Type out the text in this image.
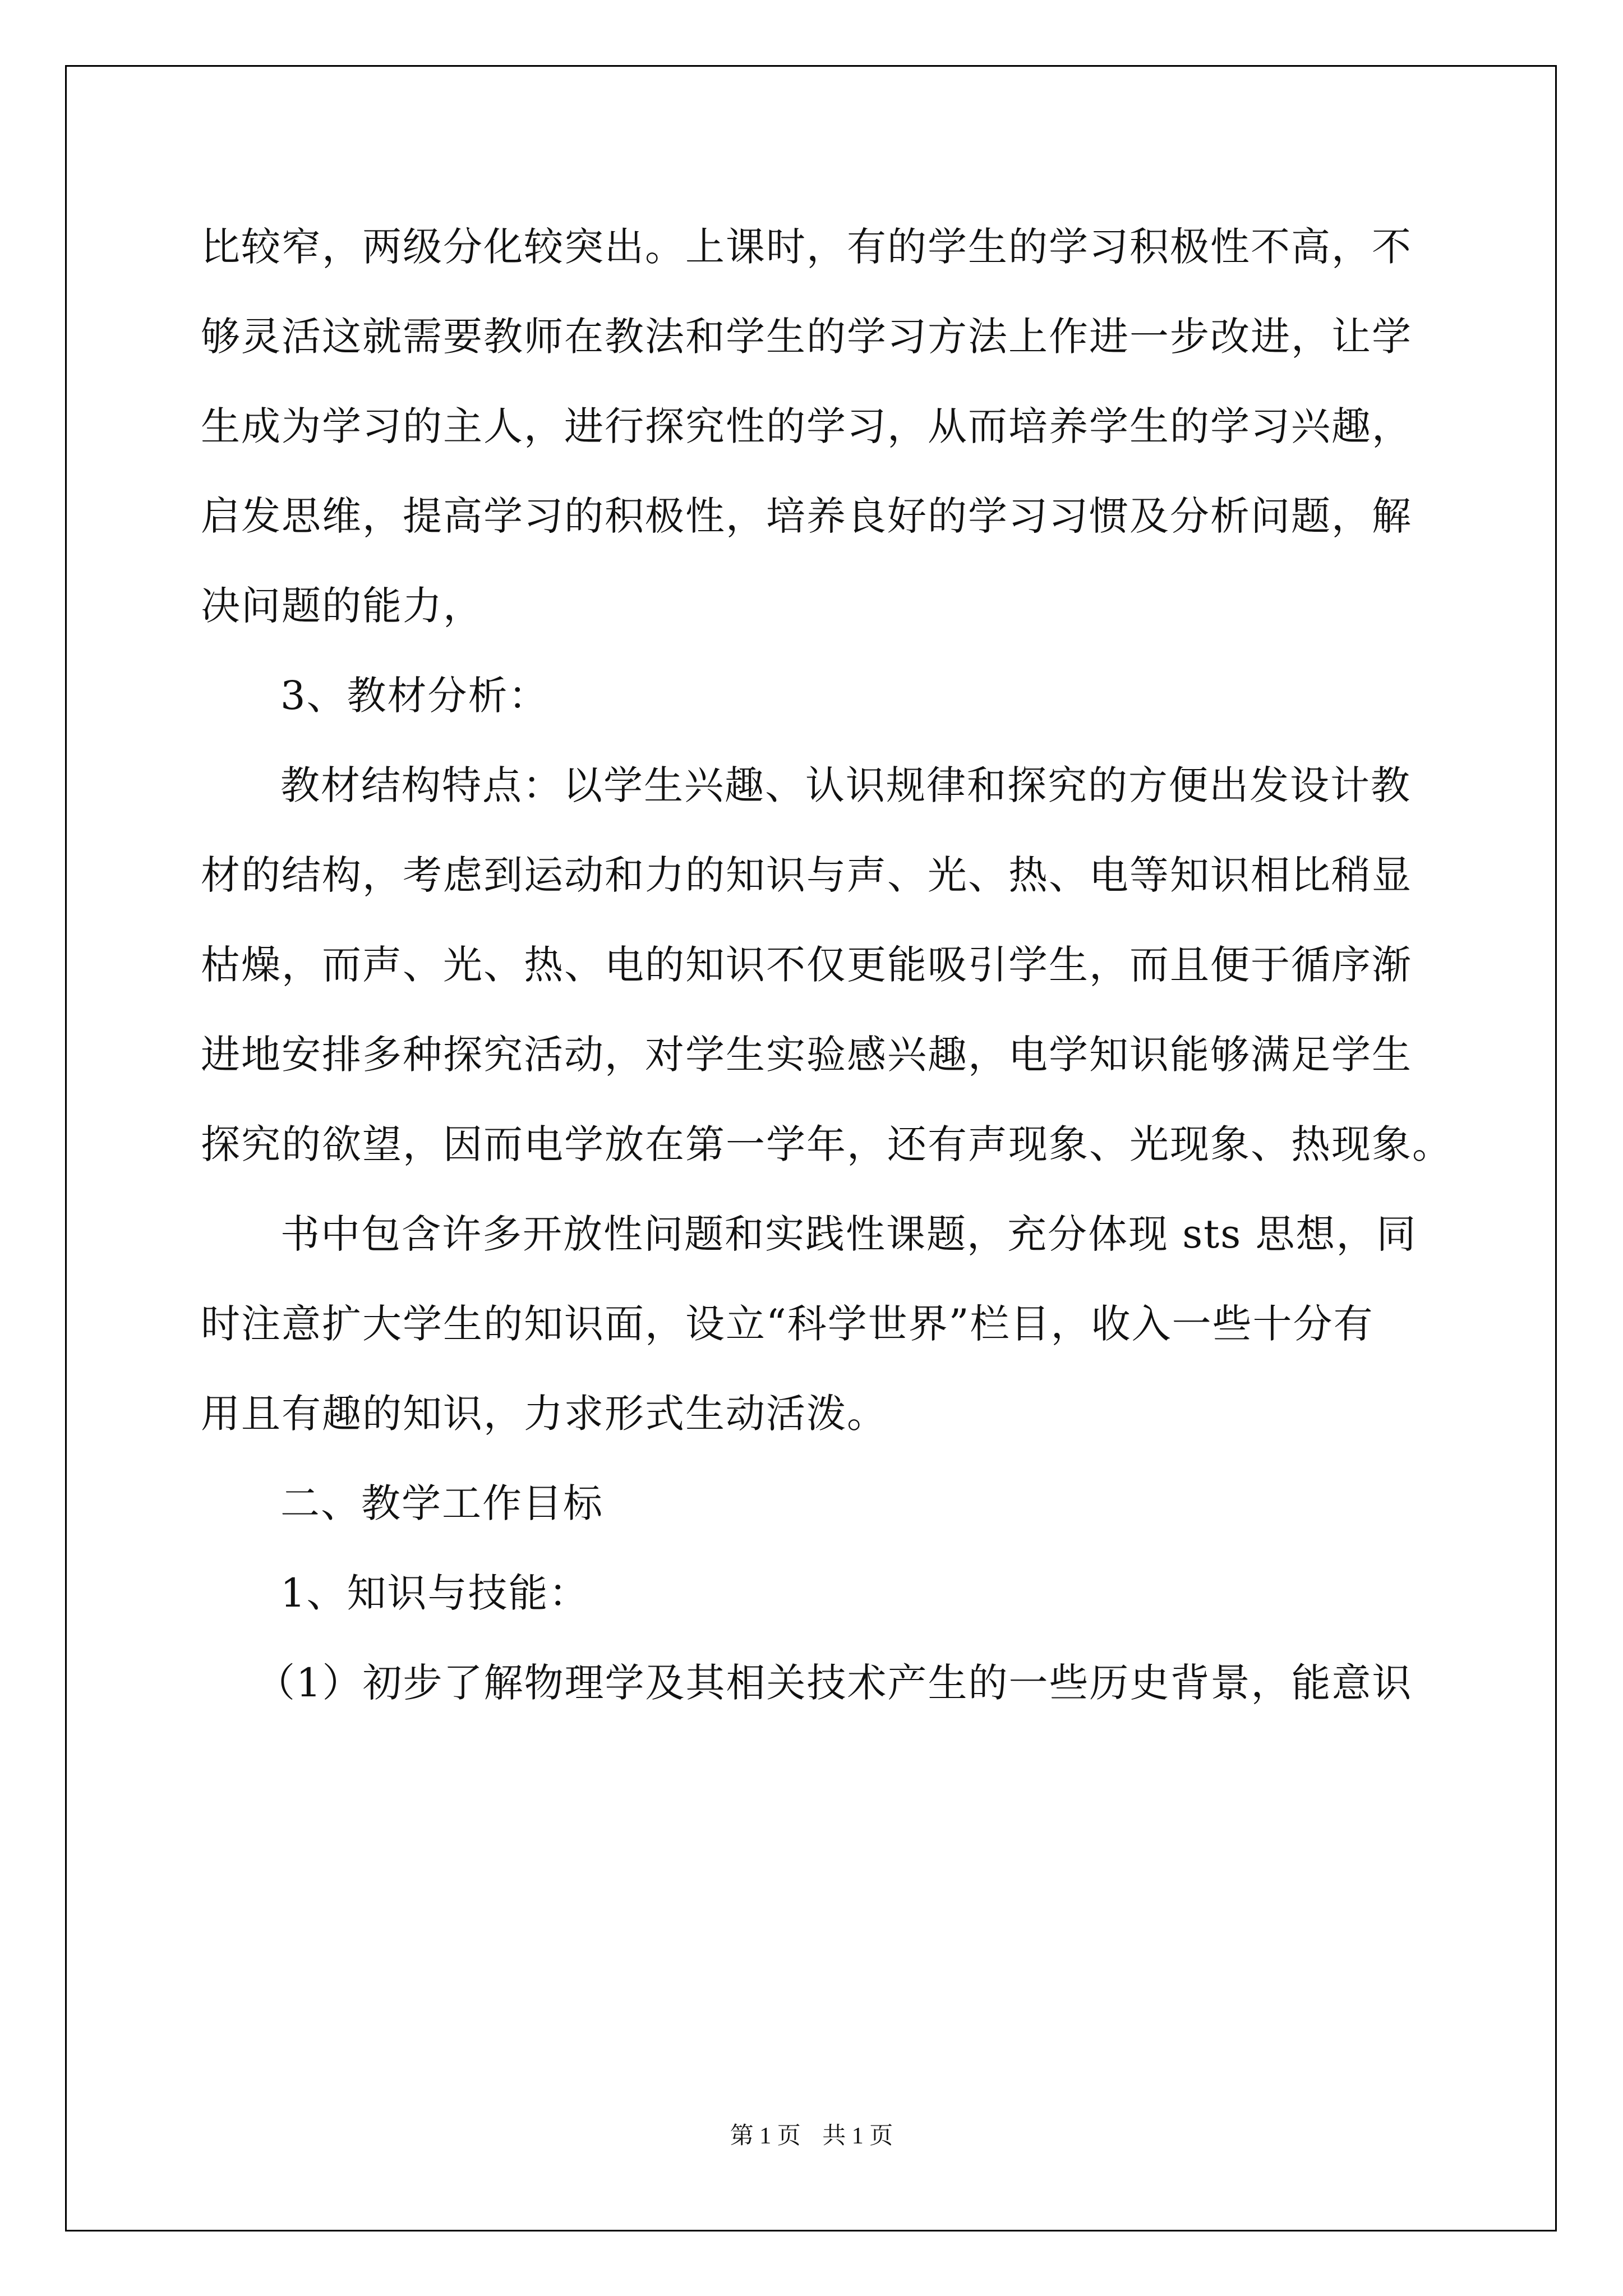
比较窄，两级分化较突出。上课时，有的学生的学习积极性不高，不
够灵活这就需要教师在教法和学生的学习方法上作进一步改进，让学
生成为学习的主人，进行探究性的学习，从而培养学生的学习兴趣，
启发思维，提高学习的积极性，培养良好的学习习惯及分析问题，解
决问题的能力，
3、教材分析：
教材结构特点：以学生兴趣、认识规律和探究的方便出发设计教
材的结构，考虑到运动和力的知识与声、光、热、电等知识相比稍显
枯燥，而声、光、热、电的知识不仅更能吸引学生，而且便于循序渐
进地安排多种探究活动，对学生实验感兴趣，电学知识能够满足学生
探究的欲望，因而电学放在第一学年，还有声现象、光现象、热现象。
书中包含许多开放性问题和实践性课题，充分体现 sts 思想，同
时注意扩大学生的知识面，设立“科学世界”栏目，收入一些十分有
用且有趣的知识，力求形式生动活泼。
二、教学工作目标
1、知识与技能：
（1）初步了解物理学及其相关技术产生的一些历史背景，能意识
第 1 页 共 1 页
